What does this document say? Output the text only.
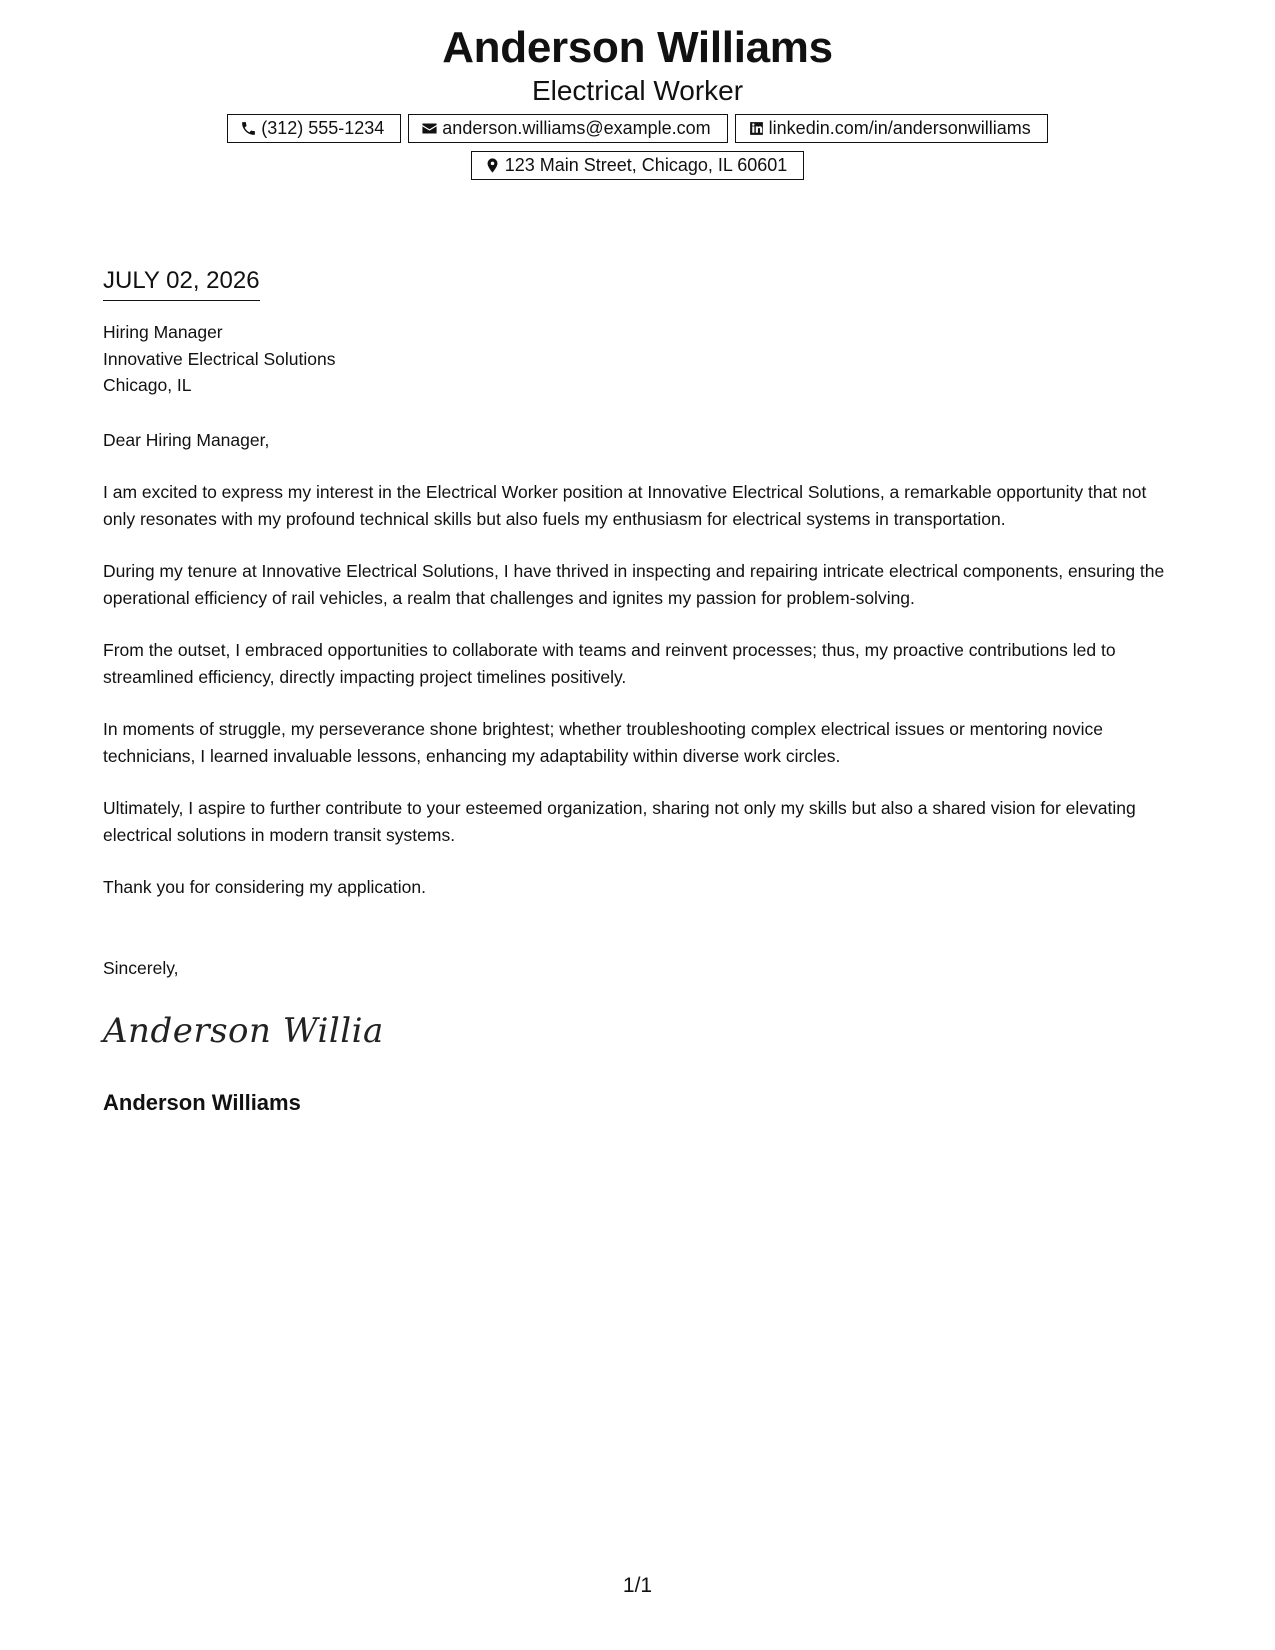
Anderson Williams
Electrical Worker
(312) 555-1234	anderson.williams@example.com	linkedin.com/in/andersonwilliams
123 Main Street, Chicago, IL 60601
JULY 02, 2026
Hiring Manager
Innovative Electrical Solutions
Chicago, IL

Dear Hiring Manager,

I am excited to express my interest in the Electrical Worker position at Innovative Electrical Solutions, a remarkable opportunity that not only resonates with my profound technical skills but also fuels my enthusiasm for electrical systems in transportation.

During my tenure at Innovative Electrical Solutions, I have thrived in inspecting and repairing intricate electrical components, ensuring the operational efficiency of rail vehicles, a realm that challenges and ignites my passion for problem-solving.

From the outset, I embraced opportunities to collaborate with teams and reinvent processes; thus, my proactive contributions led to streamlined efficiency, directly impacting project timelines positively.

In moments of struggle, my perseverance shone brightest; whether troubleshooting complex electrical issues or mentoring novice technicians, I learned invaluable lessons, enhancing my adaptability within diverse work circles.

Ultimately, I aspire to further contribute to your esteemed organization, sharing not only my skills but also a shared vision for elevating electrical solutions in modern transit systems.

Thank you for considering my application.

Sincerely,
Anderson Willia
Anderson Williams
1/1
